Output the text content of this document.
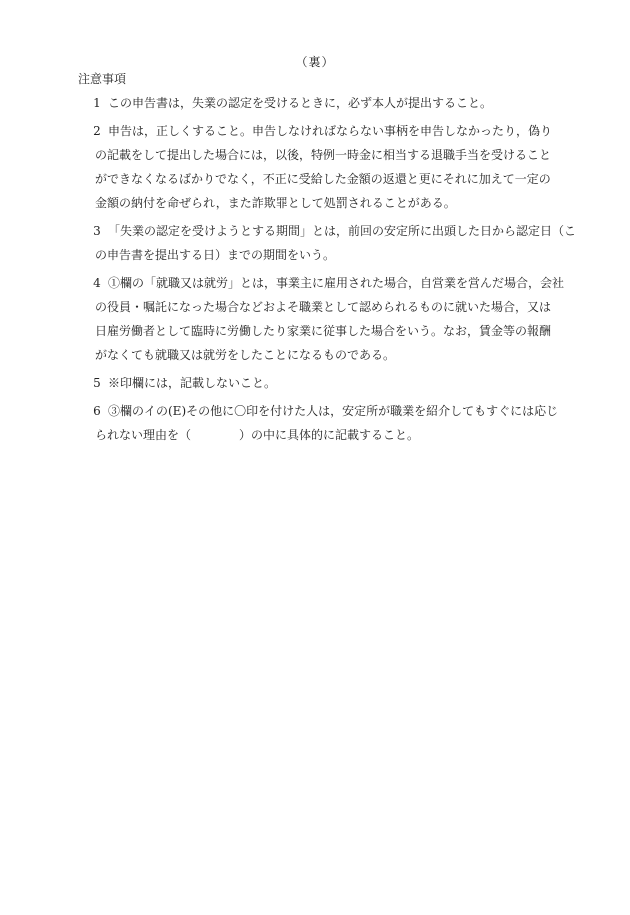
（裏）
注意事項
1 この申告書は，失業の認定を受けるときに，必ず本人が提出すること。
2 申告は，正しくすること。申告しなければならない事柄を申告しなかったり，偽り
の記載をして提出した場合には，以後，特例一時金に相当する退職手当を受けること
ができなくなるばかりでなく，不正に受給した金額の返還と更にそれに加えて一定の
金額の納付を命ぜられ，また詐欺罪として処罰されることがある。
3 「失業の認定を受けようとする期間」とは，前回の安定所に出頭した日から認定日（こ
の申告書を提出する日）までの期間をいう。
4 ①欄の「就職又は就労」とは，事業主に雇用された場合，自営業を営んだ場合，会社
の役員・嘱託になった場合などおよそ職業として認められるものに就いた場合，又は
日雇労働者として臨時に労働したり家業に従事した場合をいう。なお，賃金等の報酬
がなくても就職又は就労をしたことになるものである。
5 ※印欄には，記載しないこと。
6 ③欄のイの(E)その他に〇印を付けた人は，安定所が職業を紹介してもすぐには応じ
られない理由を（　　　　）の中に具体的に記載すること。
